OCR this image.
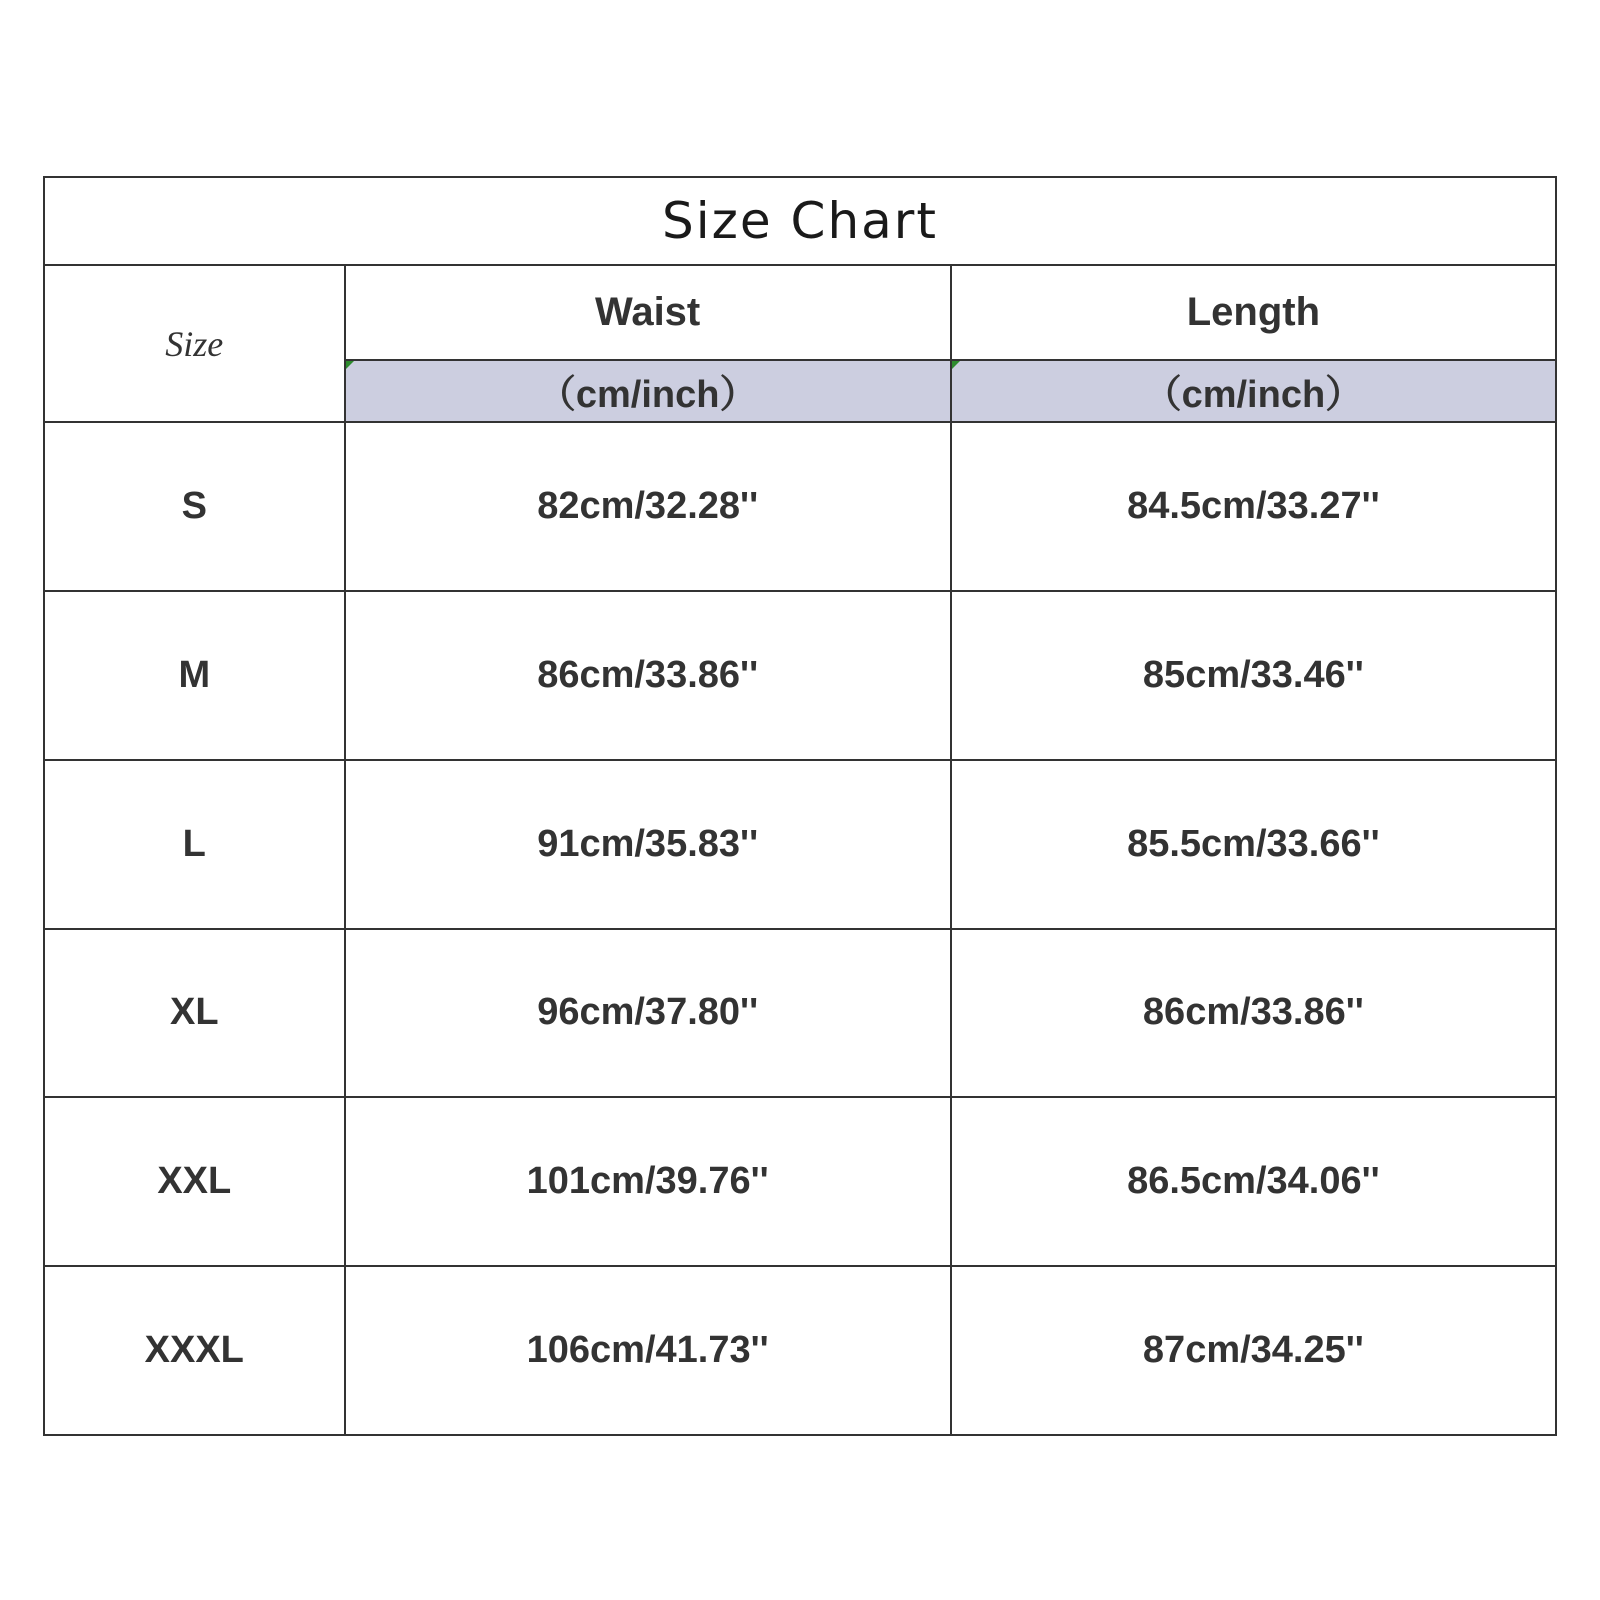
Size Chart		
Size	Waist	Length

（cm/inch）	（cm/inch）
S	82cm/32.28''	84.5cm/33.27''
M	86cm/33.86''	85cm/33.46''
L	91cm/35.83''	85.5cm/33.66''
XL	96cm/37.80''	86cm/33.86''
XXL	101cm/39.76''	86.5cm/34.06''
XXXL	106cm/41.73''	87cm/34.25''
